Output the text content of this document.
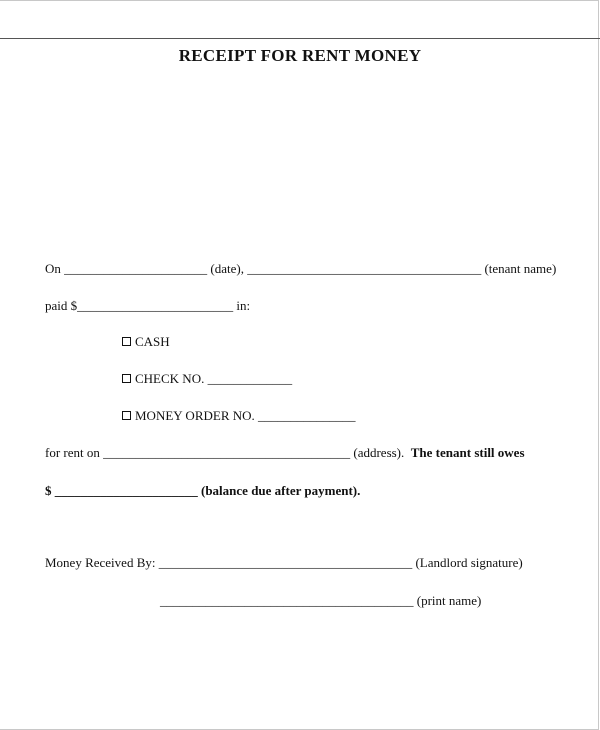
RECEIPT FOR RENT MONEY
On ______________________ (date), ____________________________________ (tenant name)
paid $________________________ in:
CASH
CHECK NO. _____________
MONEY ORDER NO. _______________
for rent on ______________________________________ (address). The tenant still owes
$ ______________________ (balance due after payment).
Money Received By: _______________________________________ (Landlord signature)
_______________________________________ (print name)
